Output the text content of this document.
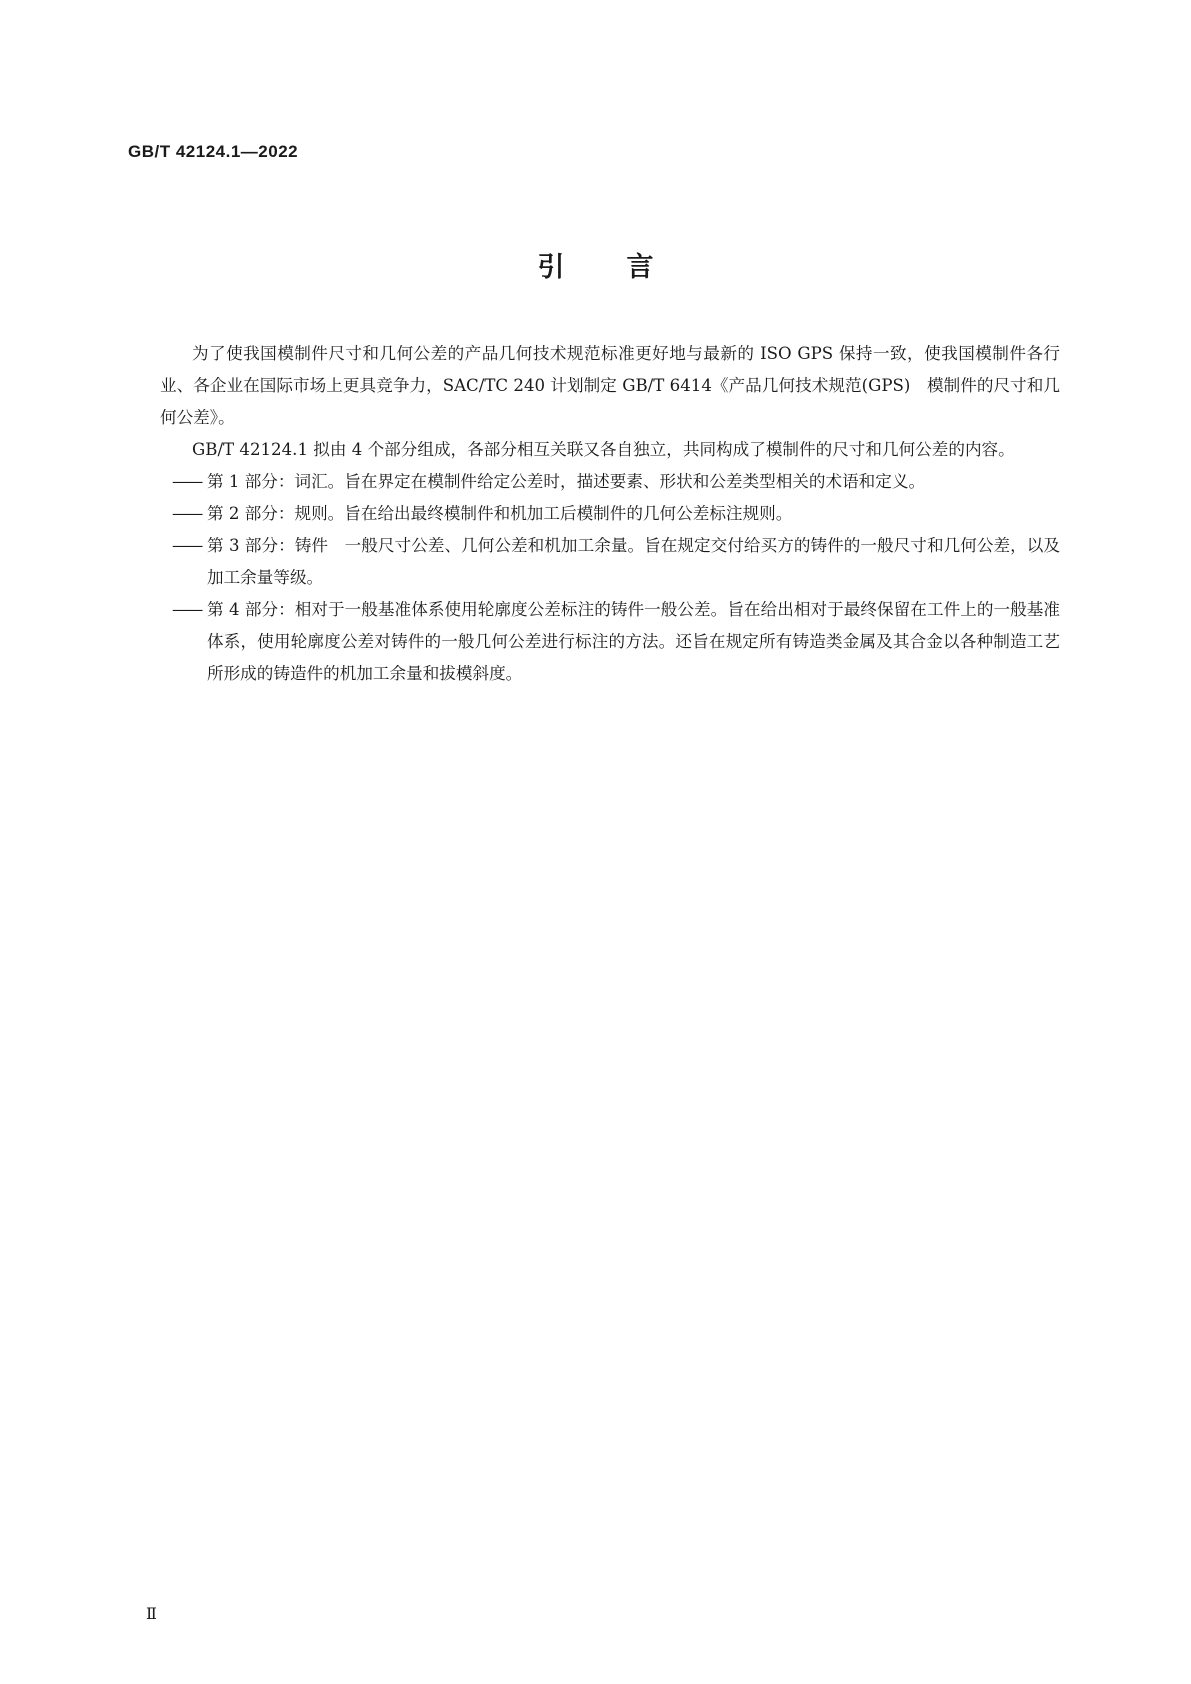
GB/T 42124.1—2022

引言

为了使我国模制件尺寸和几何公差的产品几何技术规范标准更好地与最新的 ISO GPS 保持一致，使我国模制件各行业、各企业在国际市场上更具竞争力，SAC/TC 240 计划制定 GB/T 6414《产品几何技术规范(GPS)　模制件的尺寸和几何公差》。

GB/T 42124.1 拟由 4 个部分组成，各部分相互关联又各自独立，共同构成了模制件的尺寸和几何公差的内容。

—— 第 1 部分：词汇。旨在界定在模制件给定公差时，描述要素、形状和公差类型相关的术语和定义。
—— 第 2 部分：规则。旨在给出最终模制件和机加工后模制件的几何公差标注规则。
—— 第 3 部分：铸件　一般尺寸公差、几何公差和机加工余量。旨在规定交付给买方的铸件的一般尺寸和几何公差，以及加工余量等级。
—— 第 4 部分：相对于一般基准体系使用轮廓度公差标注的铸件一般公差。旨在给出相对于最终保留在工件上的一般基准体系，使用轮廓度公差对铸件的一般几何公差进行标注的方法。还旨在规定所有铸造类金属及其合金以各种制造工艺所形成的铸造件的机加工余量和拔模斜度。

Ⅱ
